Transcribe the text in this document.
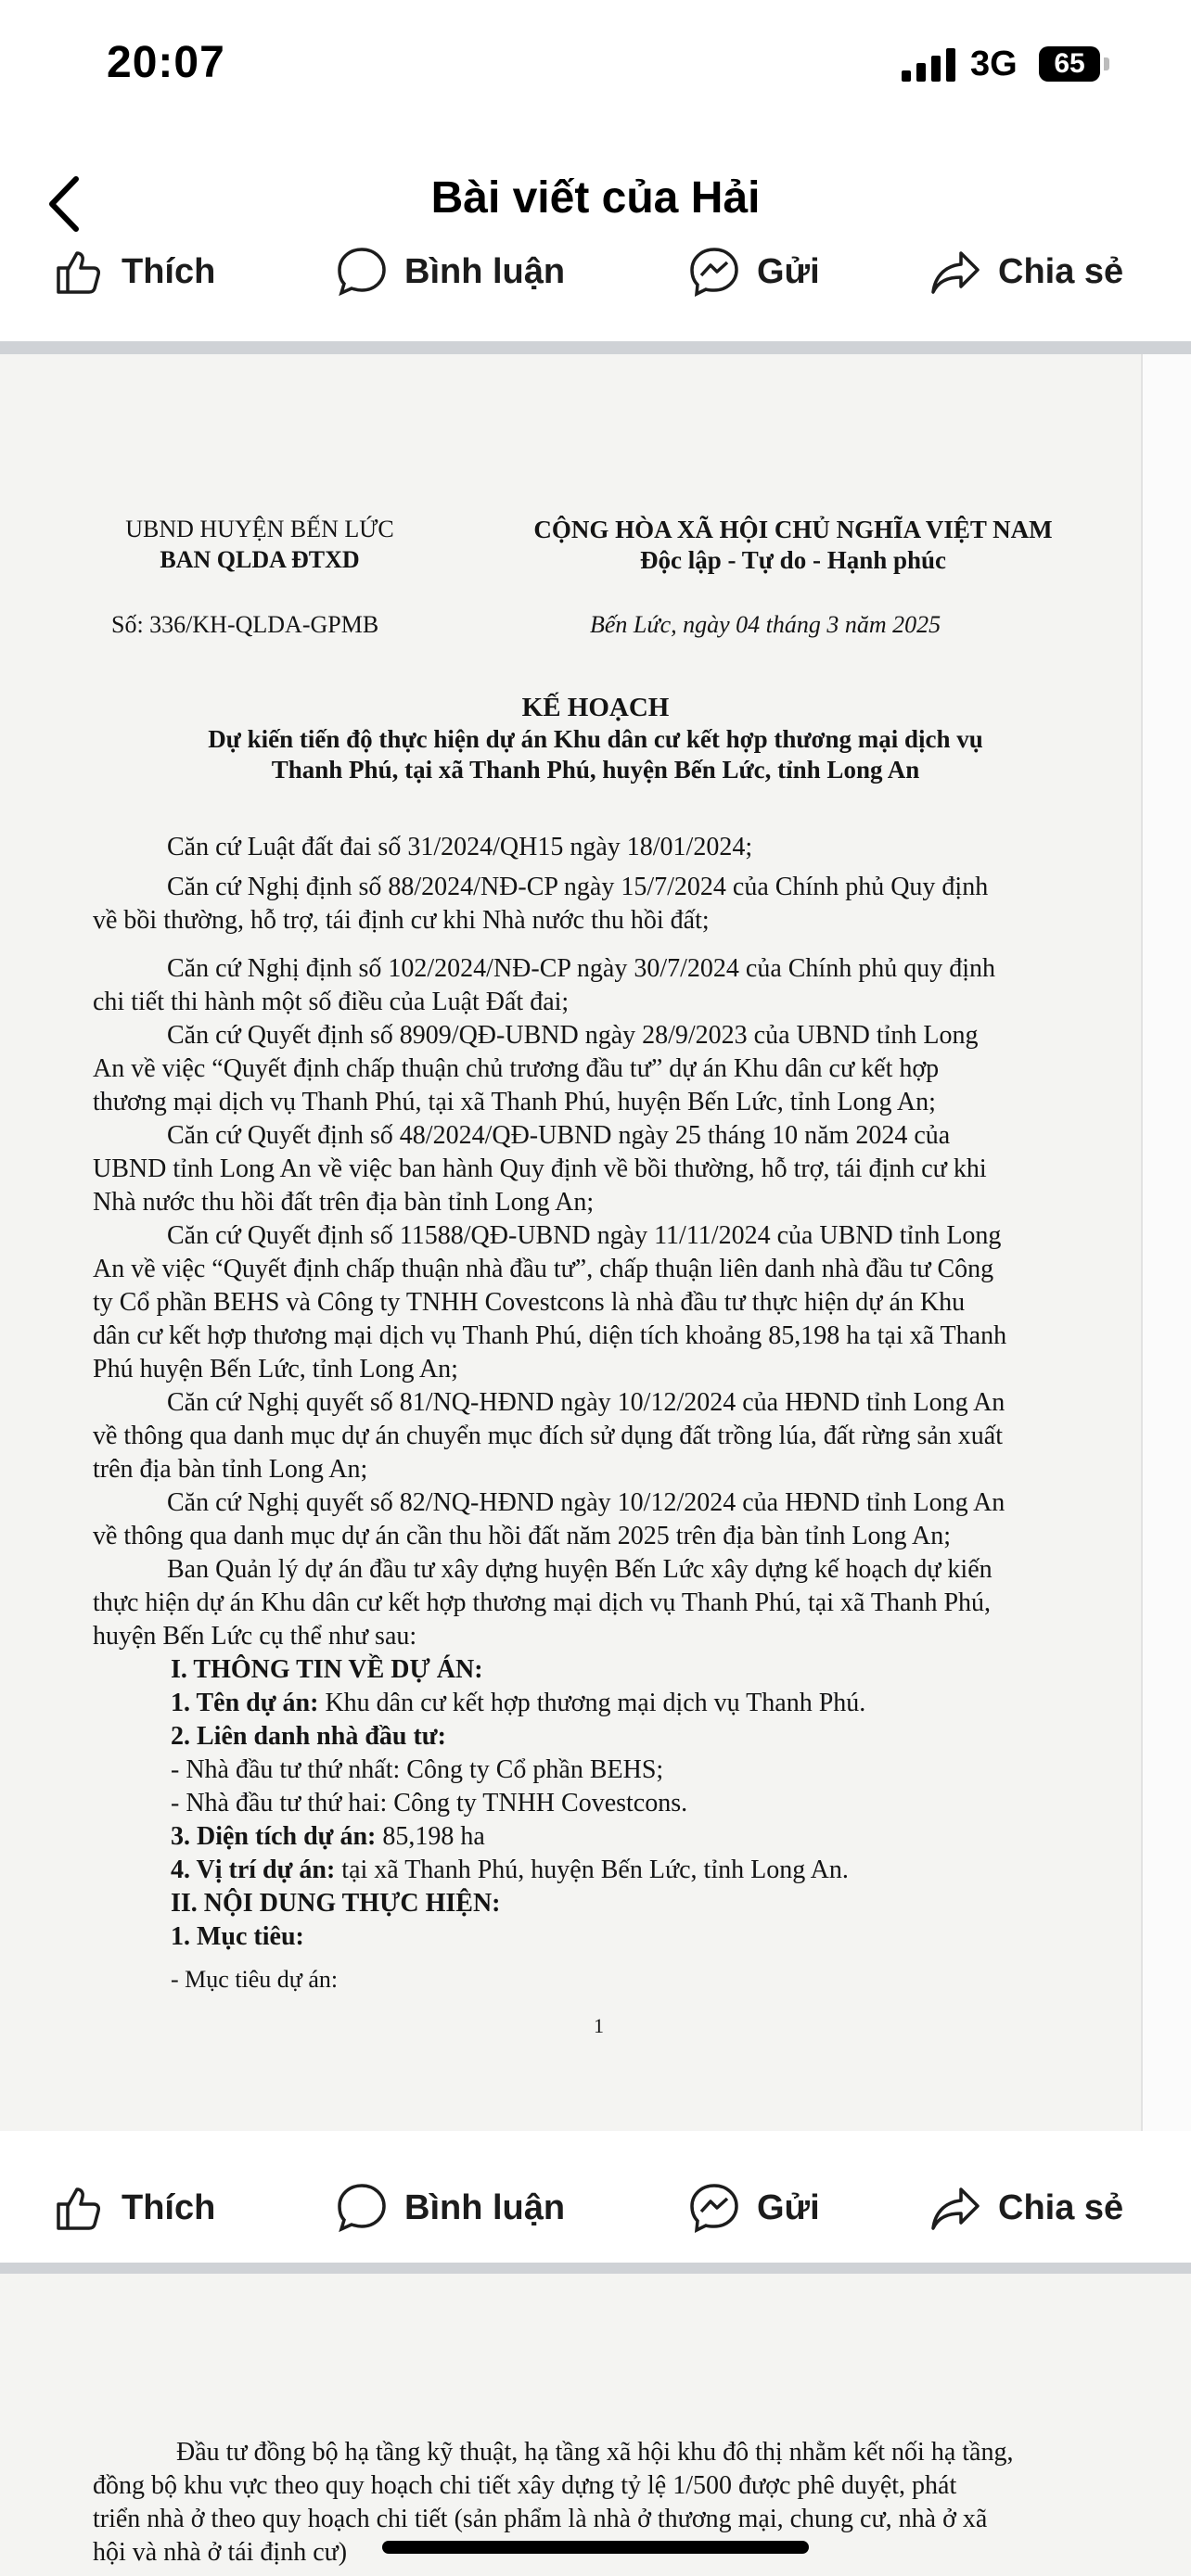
20:07	3G	65
Bài viết của Hải
Thích	Bình luận	Gửi	Chia sẻ
UBND HUYỆN BẾN LỨC
BAN QLDA ĐTXD
CỘNG HÒA XÃ HỘI CHỦ NGHĨA VIỆT NAM
Độc lập - Tự do - Hạnh phúc
Số: 336/KH-QLDA-GPMB	Bến Lức, ngày 04 tháng 3 năm 2025
KẾ HOẠCH
Dự kiến tiến độ thực hiện dự án Khu dân cư kết hợp thương mại dịch vụ
Thanh Phú, tại xã Thanh Phú, huyện Bến Lức, tỉnh Long An
Căn cứ Luật đất đai số 31/2024/QH15 ngày 18/01/2024;
Căn cứ Nghị định số 88/2024/NĐ-CP ngày 15/7/2024 của Chính phủ Quy định
về bồi thường, hỗ trợ, tái định cư khi Nhà nước thu hồi đất;
Căn cứ Nghị định số 102/2024/NĐ-CP ngày 30/7/2024 của Chính phủ quy định
chi tiết thi hành một số điều của Luật Đất đai;
Căn cứ Quyết định số 8909/QĐ-UBND ngày 28/9/2023 của UBND tỉnh Long
An về việc “Quyết định chấp thuận chủ trương đầu tư” dự án Khu dân cư kết hợp
thương mại dịch vụ Thanh Phú, tại xã Thanh Phú, huyện Bến Lức, tỉnh Long An;
Căn cứ Quyết định số 48/2024/QĐ-UBND ngày 25 tháng 10 năm 2024 của
UBND tỉnh Long An về việc ban hành Quy định về bồi thường, hỗ trợ, tái định cư khi
Nhà nước thu hồi đất trên địa bàn tỉnh Long An;
Căn cứ Quyết định số 11588/QĐ-UBND ngày 11/11/2024 của UBND tỉnh Long
An về việc “Quyết định chấp thuận nhà đầu tư”, chấp thuận liên danh nhà đầu tư Công
ty Cổ phần BEHS và Công ty TNHH Covestcons là nhà đầu tư thực hiện dự án Khu
dân cư kết hợp thương mại dịch vụ Thanh Phú, diện tích khoảng 85,198 ha tại xã Thanh
Phú huyện Bến Lức, tỉnh Long An;
Căn cứ Nghị quyết số 81/NQ-HĐND ngày 10/12/2024 của HĐND tỉnh Long An
về thông qua danh mục dự án chuyển mục đích sử dụng đất trồng lúa, đất rừng sản xuất
trên địa bàn tỉnh Long An;
Căn cứ Nghị quyết số 82/NQ-HĐND ngày 10/12/2024 của HĐND tỉnh Long An
về thông qua danh mục dự án cần thu hồi đất năm 2025 trên địa bàn tỉnh Long An;
Ban Quản lý dự án đầu tư xây dựng huyện Bến Lức xây dựng kế hoạch dự kiến
thực hiện dự án Khu dân cư kết hợp thương mại dịch vụ Thanh Phú, tại xã Thanh Phú,
huyện Bến Lức cụ thể như sau:
I. THÔNG TIN VỀ DỰ ÁN:
1. Tên dự án: Khu dân cư kết hợp thương mại dịch vụ Thanh Phú.
2. Liên danh nhà đầu tư:
- Nhà đầu tư thứ nhất: Công ty Cổ phần BEHS;
- Nhà đầu tư thứ hai: Công ty TNHH Covestcons.
3. Diện tích dự án: 85,198 ha
4. Vị trí dự án: tại xã Thanh Phú, huyện Bến Lức, tỉnh Long An.
II. NỘI DUNG THỰC HIỆN:
1. Mục tiêu:
- Mục tiêu dự án:
1
Thích	Bình luận	Gửi	Chia sẻ
Đầu tư đồng bộ hạ tầng kỹ thuật, hạ tầng xã hội khu đô thị nhằm kết nối hạ tầng,
đồng bộ khu vực theo quy hoạch chi tiết xây dựng tỷ lệ 1/500 được phê duyệt, phát
triển nhà ở theo quy hoạch chi tiết (sản phẩm là nhà ở thương mại, chung cư, nhà ở xã
hội và nhà ở tái định cư)
